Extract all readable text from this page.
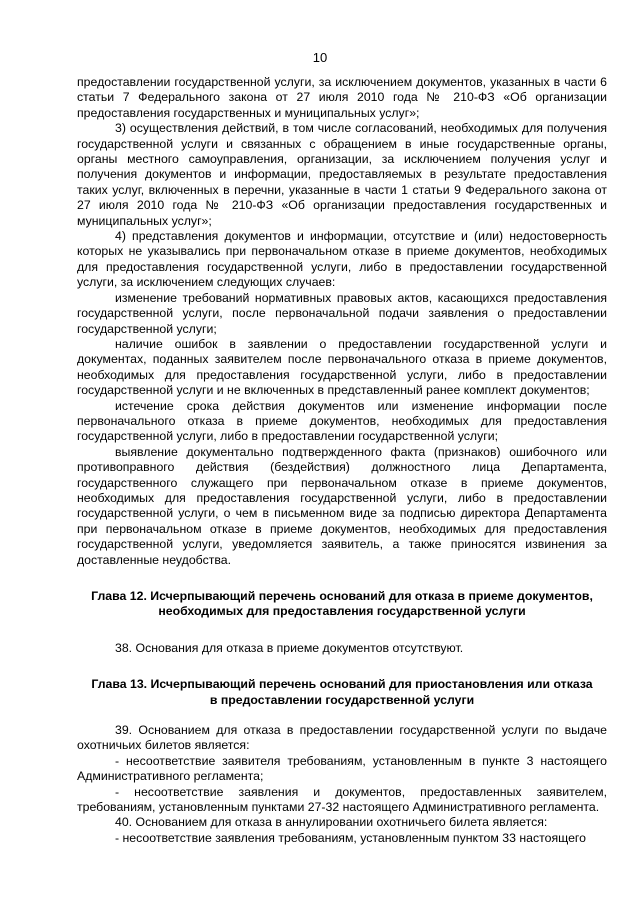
10

предоставлении государственной услуги, за исключением документов, указанных в части 6 статьи 7 Федерального закона от 27 июля 2010 года № 210-ФЗ «Об организации предоставления государственных и муниципальных услуг»;

3) осуществления действий, в том числе согласований, необходимых для получения государственной услуги и связанных с обращением в иные государственные органы, органы местного самоуправления, организации, за исключением получения услуг и получения документов и информации, предоставляемых в результате предоставления таких услуг, включенных в перечни, указанные в части 1 статьи 9 Федерального закона от 27 июля 2010 года № 210-ФЗ «Об организации предоставления государственных и муниципальных услуг»;

4) представления документов и информации, отсутствие и (или) недостоверность которых не указывались при первоначальном отказе в приеме документов, необходимых для предоставления государственной услуги, либо в предоставлении государственной услуги, за исключением следующих случаев:

изменение требований нормативных правовых актов, касающихся предоставления государственной услуги, после первоначальной подачи заявления о предоставлении государственной услуги;

наличие ошибок в заявлении о предоставлении государственной услуги и документах, поданных заявителем после первоначального отказа в приеме документов, необходимых для предоставления государственной услуги, либо в предоставлении государственной услуги и не включенных в представленный ранее комплект документов;

истечение срока действия документов или изменение информации после первоначального отказа в приеме документов, необходимых для предоставления государственной услуги, либо в предоставлении государственной услуги;

выявление документально подтвержденного факта (признаков) ошибочного или противоправного действия (бездействия) должностного лица Департамента, государственного служащего при первоначальном отказе в приеме документов, необходимых для предоставления государственной услуги, либо в предоставлении государственной услуги, о чем в письменном виде за подписью директора Департамента при первоначальном отказе в приеме документов, необходимых для предоставления государственной услуги, уведомляется заявитель, а также приносятся извинения за доставленные неудобства.

Глава 12. Исчерпывающий перечень оснований для отказа в приеме документов,
необходимых для предоставления государственной услуги

38. Основания для отказа в приеме документов отсутствуют.

Глава 13. Исчерпывающий перечень оснований для приостановления или отказа
в предоставлении государственной услуги

39. Основанием для отказа в предоставлении государственной услуги по выдаче охотничьих билетов является:

- несоответствие заявителя требованиям, установленным в пункте 3 настоящего Административного регламента;

- несоответствие заявления и документов, предоставленных заявителем, требованиям, установленным пунктами 27-32 настоящего Административного регламента.

40. Основанием для отказа в аннулировании охотничьего билета является:

- несоответствие заявления требованиям, установленным пунктом 33 настоящего
